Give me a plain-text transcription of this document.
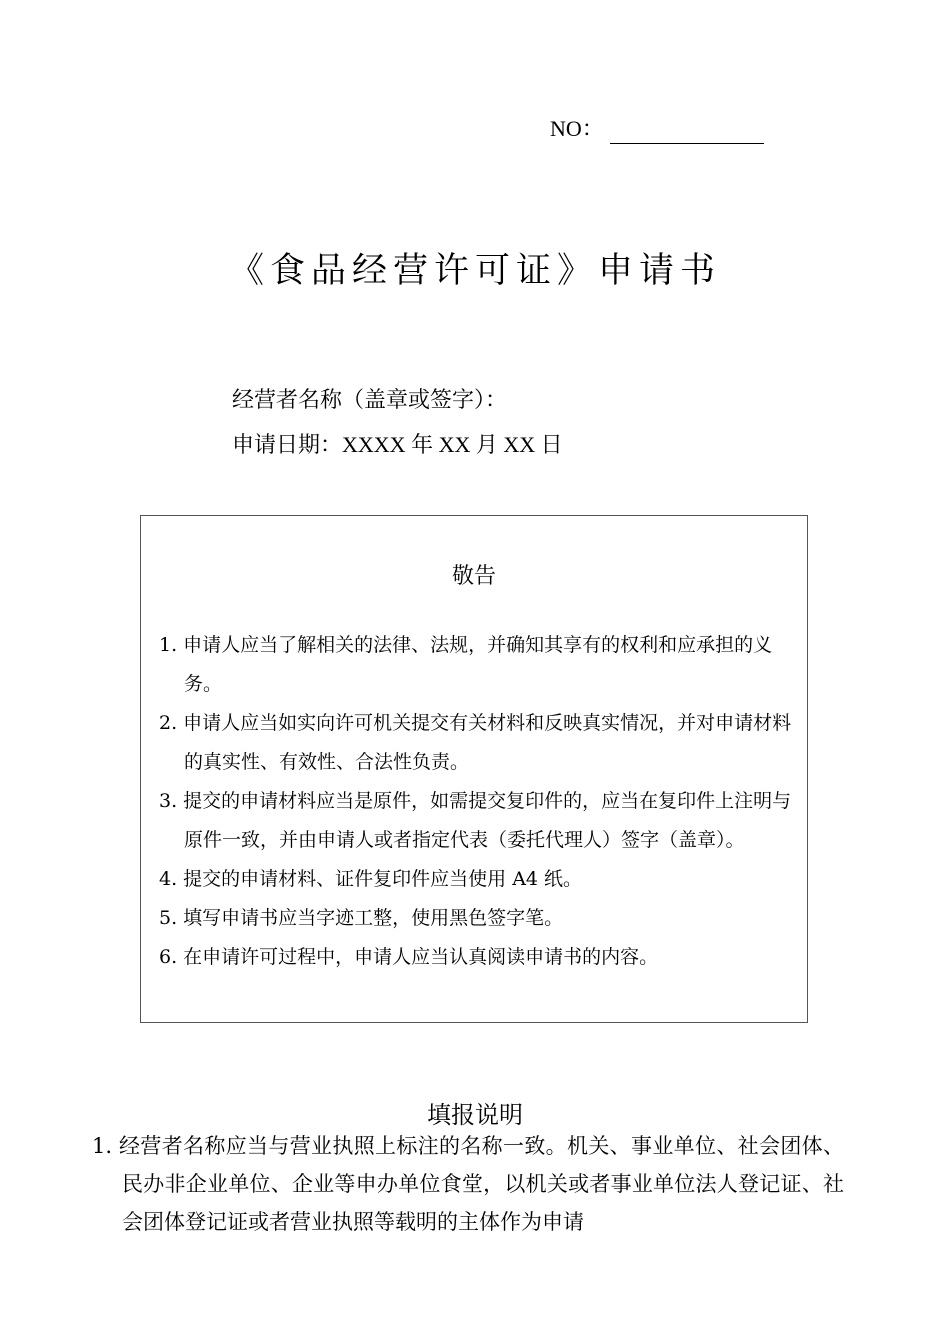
NO：
《食品经营许可证》申请书
经营者名称（盖章或签字）：
申请日期：XXXX 年 XX 月 XX 日
敬告
1. 申请人应当了解相关的法律、法规，并确知其享有的权利和应承担的义务。
2. 申请人应当如实向许可机关提交有关材料和反映真实情况，并对申请材料的真实性、有效性、合法性负责。
3. 提交的申请材料应当是原件，如需提交复印件的，应当在复印件上注明与原件一致，并由申请人或者指定代表（委托代理人）签字（盖章）。
4. 提交的申请材料、证件复印件应当使用 A4 纸。
5. 填写申请书应当字迹工整，使用黑色签字笔。
6. 在申请许可过程中，申请人应当认真阅读申请书的内容。
填报说明
1. 经营者名称应当与营业执照上标注的名称一致。机关、事业单位、社会团体、民办非企业单位、企业等申办单位食堂，以机关或者事业单位法人登记证、社会团体登记证或者营业执照等载明的主体作为申请
